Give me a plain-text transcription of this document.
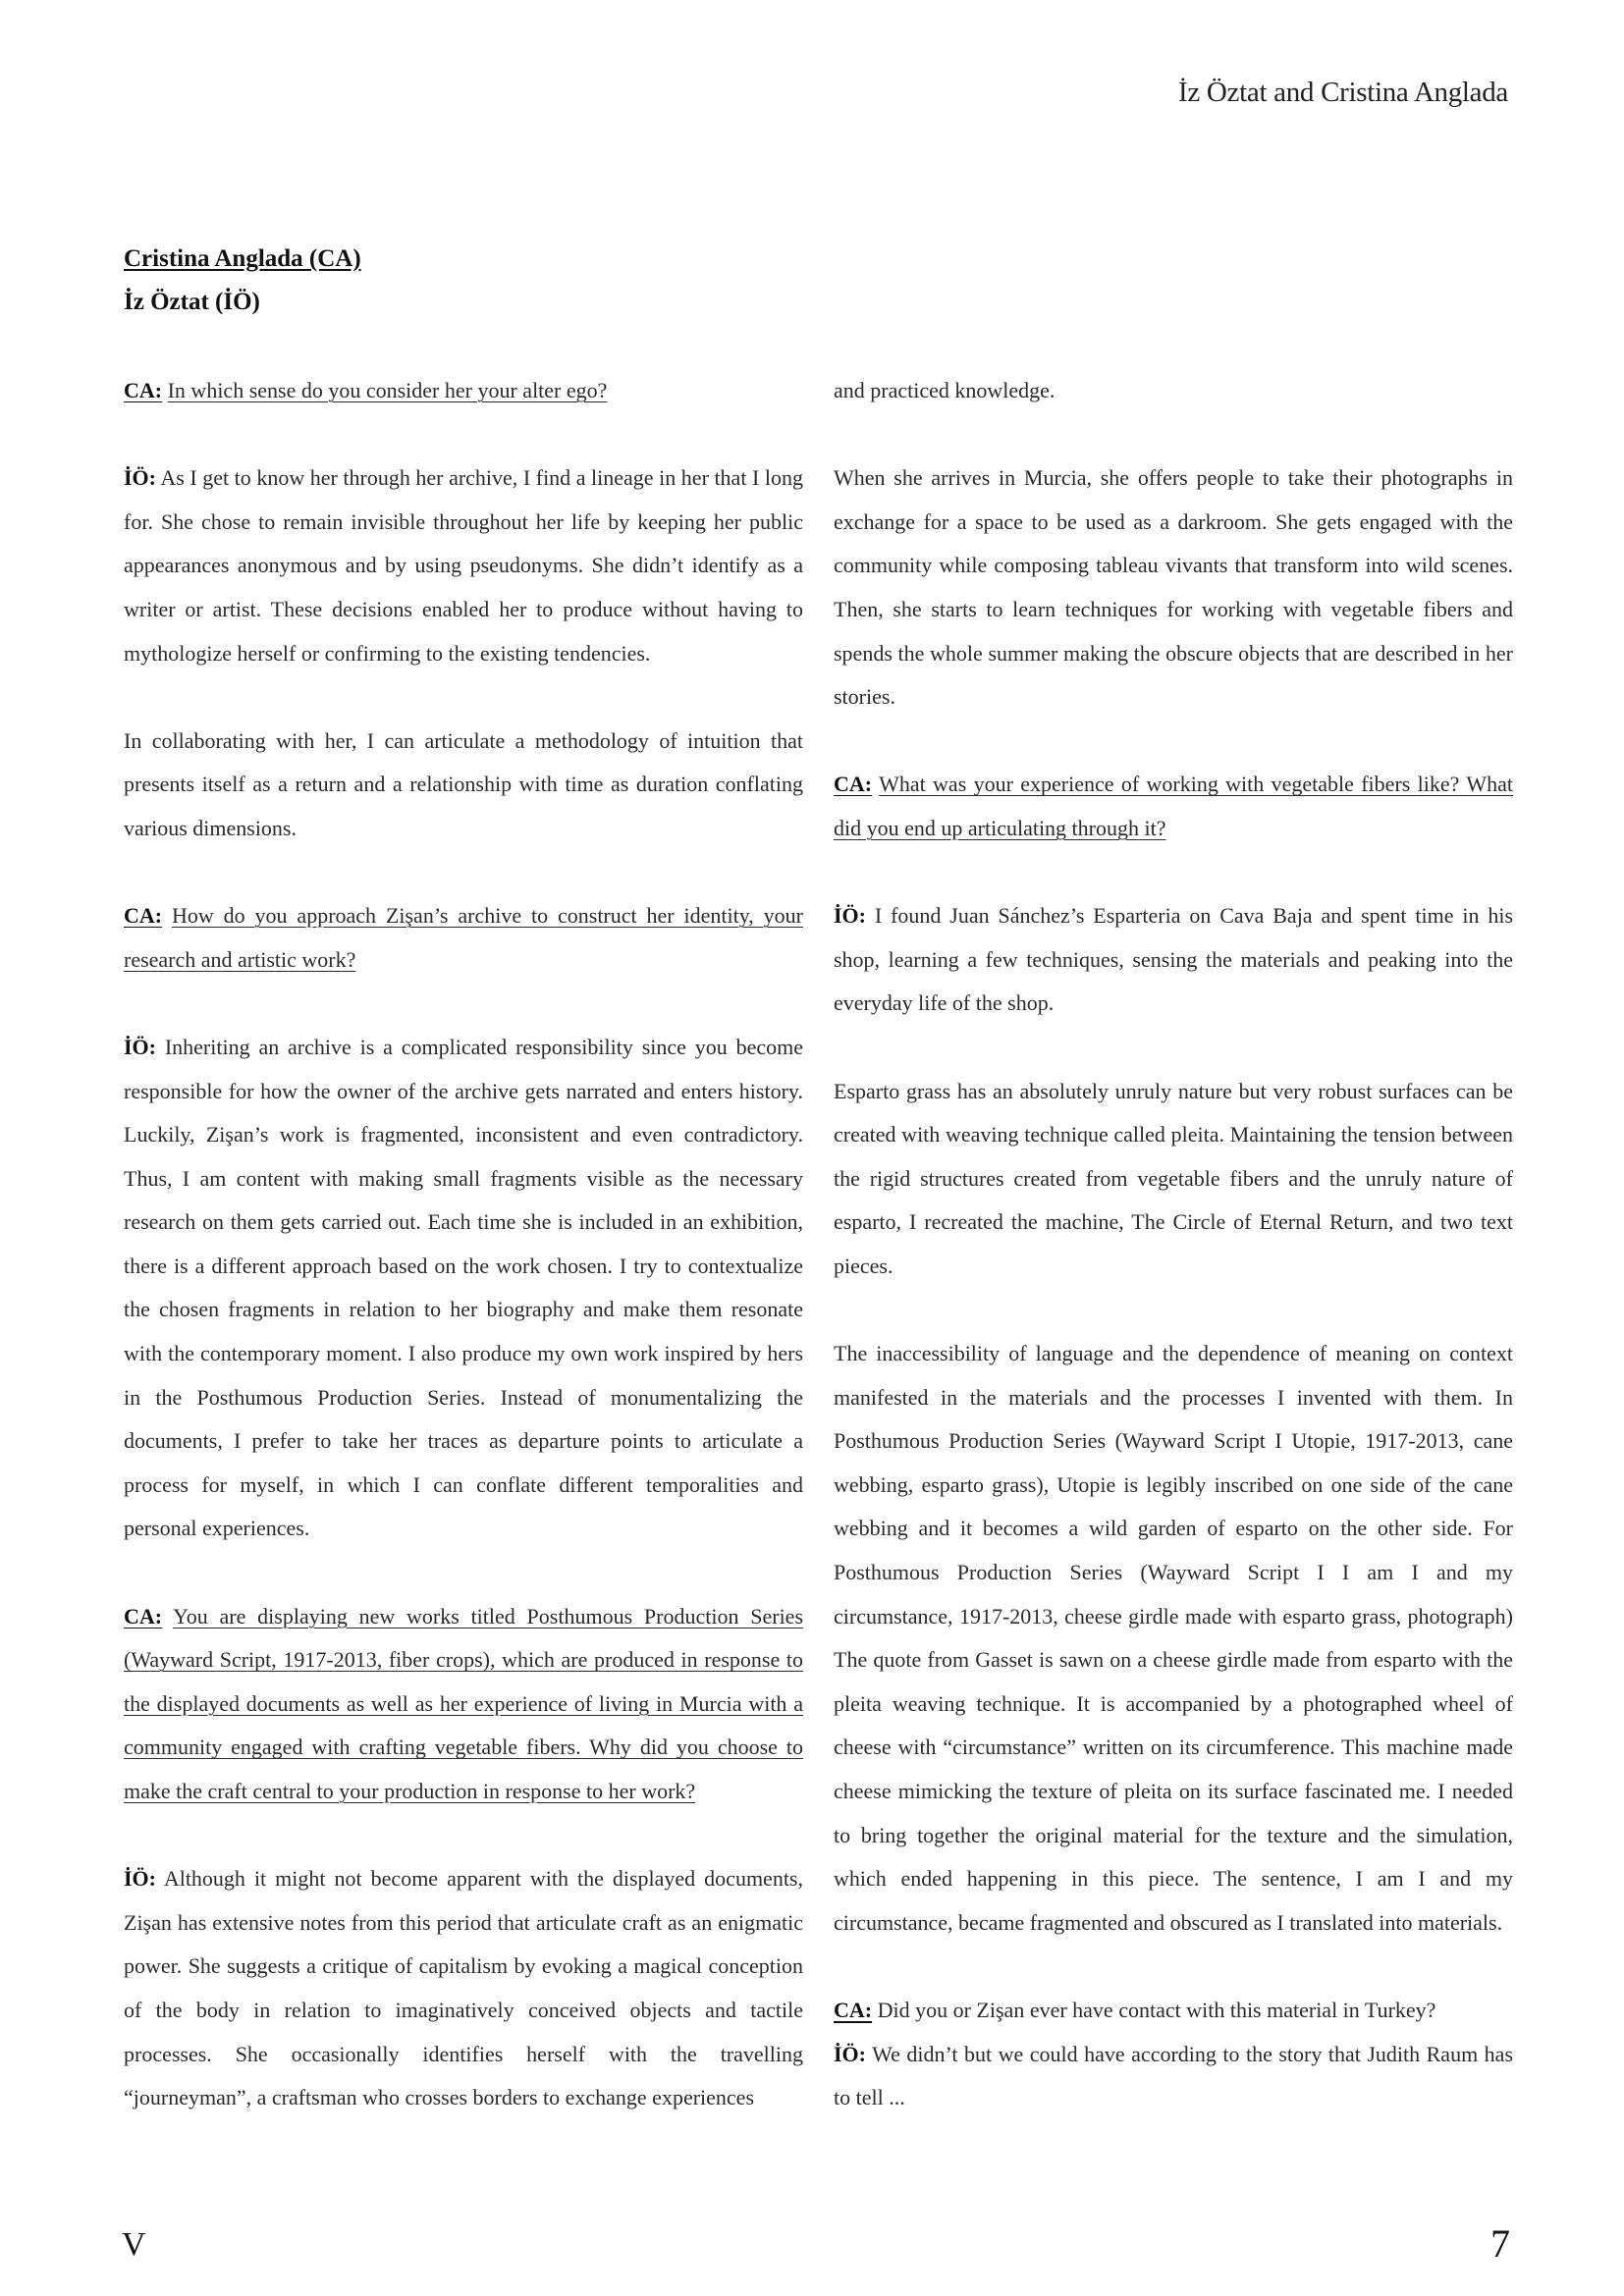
İz Öztat and Cristina Anglada
Cristina Anglada (CA)
İz Öztat (İÖ)

CA: In which sense do you consider her your alter ego?

İÖ: As I get to know her through her archive, I find a lineage in her that I long for. She chose to remain invisible throughout her life by keeping her public appearances anonymous and by using pseudonyms. She didn’t identify as a writer or artist. These decisions enabled her to produce without having to mythologize herself or confirming to the existing tendencies.

In collaborating with her, I can articulate a methodology of intuition that presents itself as a return and a relationship with time as duration conflating various dimensions.

CA: How do you approach Zişan’s archive to construct her identity, your research and artistic work?

İÖ: Inheriting an archive is a complicated responsibility since you become responsible for how the owner of the archive gets narrated and enters history. Luckily, Zişan’s work is fragmented, inconsistent and even contradictory. Thus, I am content with making small fragments visible as the necessary research on them gets carried out. Each time she is included in an exhibition, there is a different approach based on the work chosen. I try to contextualize the chosen fragments in relation to her biography and make them resonate with the contemporary moment. I also produce my own work inspired by hers in the Posthumous Production Series. Instead of monumentalizing the documents, I prefer to take her traces as departure points to articulate a process for myself, in which I can conflate different temporalities and personal experiences.

CA: You are displaying new works titled Posthumous Production Series (Wayward Script, 1917-2013, fiber crops), which are produced in response to the displayed documents as well as her experience of living in Murcia with a community engaged with crafting vegetable fibers. Why did you choose to make the craft central to your production in response to her work?

İÖ: Although it might not become apparent with the displayed documents, Zişan has extensive notes from this period that articulate craft as an enigmatic power. She suggests a critique of capitalism by evoking a magical conception of the body in relation to imaginatively conceived objects and tactile processes. She occasionally identifies herself with the travelling “journeyman”, a craftsman who crosses borders to exchange experiences

and practiced knowledge.

When she arrives in Murcia, she offers people to take their photographs in exchange for a space to be used as a darkroom. She gets engaged with the community while composing tableau vivants that transform into wild scenes. Then, she starts to learn techniques for working with vegetable fibers and spends the whole summer making the obscure objects that are described in her stories.

CA: What was your experience of working with vegetable fibers like? What did you end up articulating through it?

İÖ: I found Juan Sánchez’s Esparteria on Cava Baja and spent time in his shop, learning a few techniques, sensing the materials and peaking into the everyday life of the shop.

Esparto grass has an absolutely unruly nature but very robust surfaces can be created with weaving technique called pleita. Maintaining the tension between the rigid structures created from vegetable fibers and the unruly nature of esparto, I recreated the machine, The Circle of Eternal Return, and two text pieces.

The inaccessibility of language and the dependence of meaning on context manifested in the materials and the processes I invented with them. In Posthumous Production Series (Wayward Script I Utopie, 1917-2013, cane webbing, esparto grass), Utopie is legibly inscribed on one side of the cane webbing and it becomes a wild garden of esparto on the other side. For Posthumous Production Series (Wayward Script I I am I and my circumstance, 1917-2013, cheese girdle made with esparto grass, photograph) The quote from Gasset is sawn on a cheese girdle made from esparto with the pleita weaving technique. It is accompanied by a photographed wheel of cheese with “circumstance” written on its circumference. This machine made cheese mimicking the texture of pleita on its surface fascinated me. I needed to bring together the original material for the texture and the simulation, which ended happening in this piece. The sentence, I am I and my circumstance, became fragmented and obscured as I translated into materials.

CA: Did you or Zişan ever have contact with this material in Turkey?

İÖ: We didn’t but we could have according to the story that Judith Raum has to tell ...

V	7
